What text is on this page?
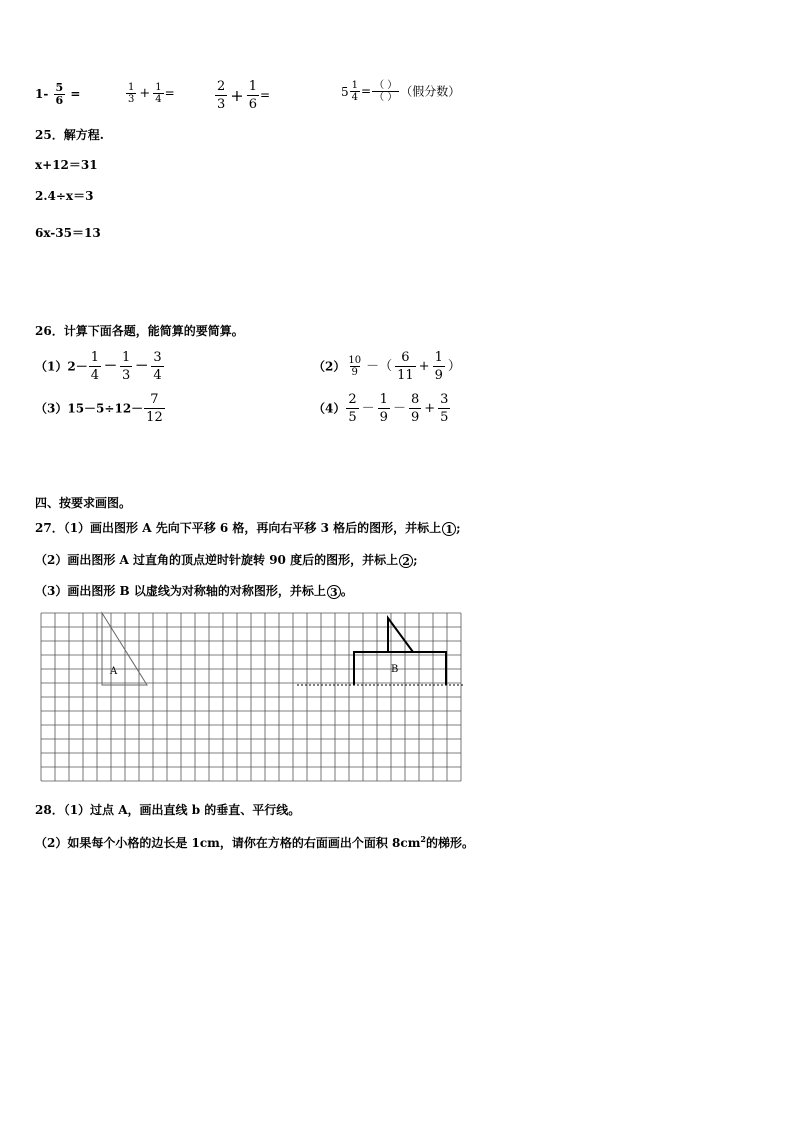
$1- \frac{5}{6}$ =	$\frac{1}{3} + \frac{1}{4}$ =	$\frac{2}{3} + \frac{1}{6}$ =	$5 \frac{1}{4} = \frac{( )}{( )}$ （假分数）
25．解方程.
x+12＝31
2.4÷x＝3
6x-35＝13
26．计算下面各题，能简算的要简算。
$(1)2- \frac{1}{4} - \frac{1}{3} - \frac{3}{4}$	$(2) \frac{10}{9}$ －（ $\frac{6}{11} + \frac{1}{9}$ ）
$(3)15-5\div 12- \frac{7}{12}$	$(4) \frac{2}{5} - \frac{1}{9} - \frac{8}{9} + \frac{3}{5}$
四、按要求画图。
27．（1）画出图形 A 先向下平移 6 格，再向右平移 3 格后的图形，并标上 1 ;
（2）画出图形 A 过直角的顶点逆时针旋转 90 度后的图形，并标上 2 ;
（3）画出图形 B 以虚线为对称轴的对称图形，并标上 3 。
A	B
28．（1）过点 A，画出直线 b 的垂直、平行线。
（2）如果每个小格的边长是 1cm，请你在方格的右面画出个面积 $8cm^2$的梯形。
